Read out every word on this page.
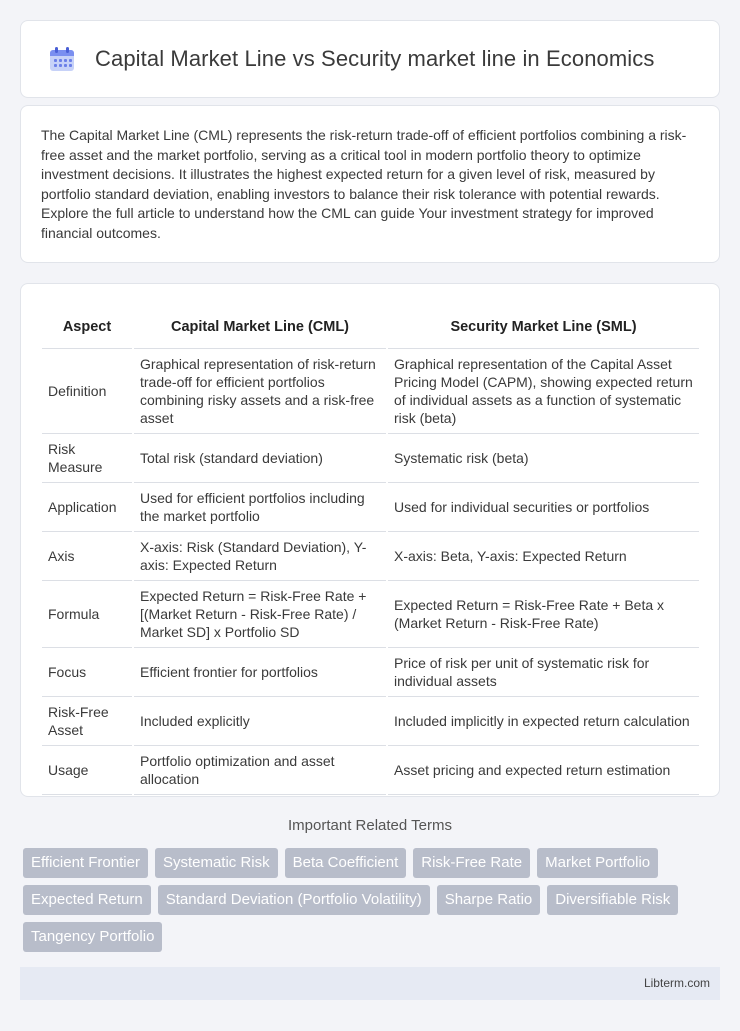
Capital Market Line vs Security market line in Economics

The Capital Market Line (CML) represents the risk-return trade-off of efficient portfolios combining a risk-free asset and the market portfolio, serving as a critical tool in modern portfolio theory to optimize investment decisions. It illustrates the highest expected return for a given level of risk, measured by portfolio standard deviation, enabling investors to balance their risk tolerance with potential rewards. Explore the full article to understand how the CML can guide Your investment strategy for improved financial outcomes.

Aspect	Capital Market Line (CML)	Security Market Line (SML)
Definition	Graphical representation of risk-return trade-off for efficient portfolios combining risky assets and a risk-free asset	Graphical representation of the Capital Asset Pricing Model (CAPM), showing expected return of individual assets as a function of systematic risk (beta)
Risk Measure	Total risk (standard deviation)	Systematic risk (beta)
Application	Used for efficient portfolios including the market portfolio	Used for individual securities or portfolios
Axis	X-axis: Risk (Standard Deviation), Y-axis: Expected Return	X-axis: Beta, Y-axis: Expected Return
Formula	Expected Return = Risk-Free Rate + [(Market Return - Risk-Free Rate) / Market SD] x Portfolio SD	Expected Return = Risk-Free Rate + Beta x (Market Return - Risk-Free Rate)
Focus	Efficient frontier for portfolios	Price of risk per unit of systematic risk for individual assets
Risk-Free Asset	Included explicitly	Included implicitly in expected return calculation
Usage	Portfolio optimization and asset allocation	Asset pricing and expected return estimation
Important Related Terms
Efficient Frontier	Systematic Risk	Beta Coefficient	Risk-Free Rate	Market Portfolio
Expected Return	Standard Deviation (Portfolio Volatility)	Sharpe Ratio	Diversifiable Risk
Tangency Portfolio
Libterm.com
